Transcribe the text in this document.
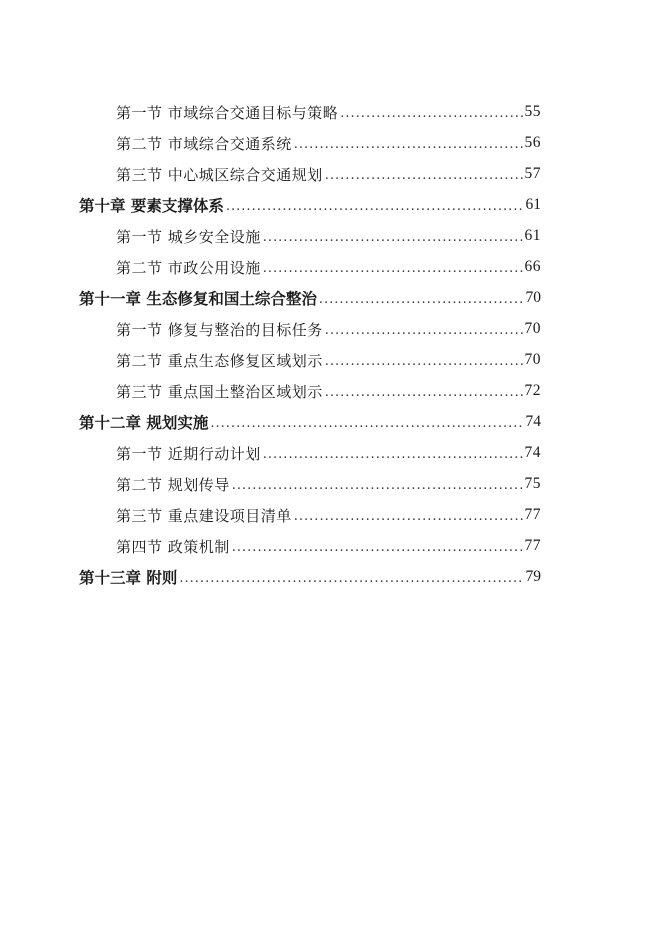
第一节 市域综合交通目标与策略 .....	55
第二节 市域综合交通系统 .....	56
第三节 中心城区综合交通规划 .....	57
第十章 要素支撑体系 .....	61
第一节 城乡安全设施 .....	61
第二节 市政公用设施 .....	66
第十一章 生态修复和国土综合整治 .....	70
第一节 修复与整治的目标任务 .....	70
第二节 重点生态修复区域划示 .....	70
第三节 重点国土整治区域划示 .....	72
第十二章 规划实施 .....	74
第一节 近期行动计划 .....	74
第二节 规划传导 .....	75
第三节 重点建设项目清单 .....	77
第四节 政策机制 .....	77
第十三章 附则 .....	79
